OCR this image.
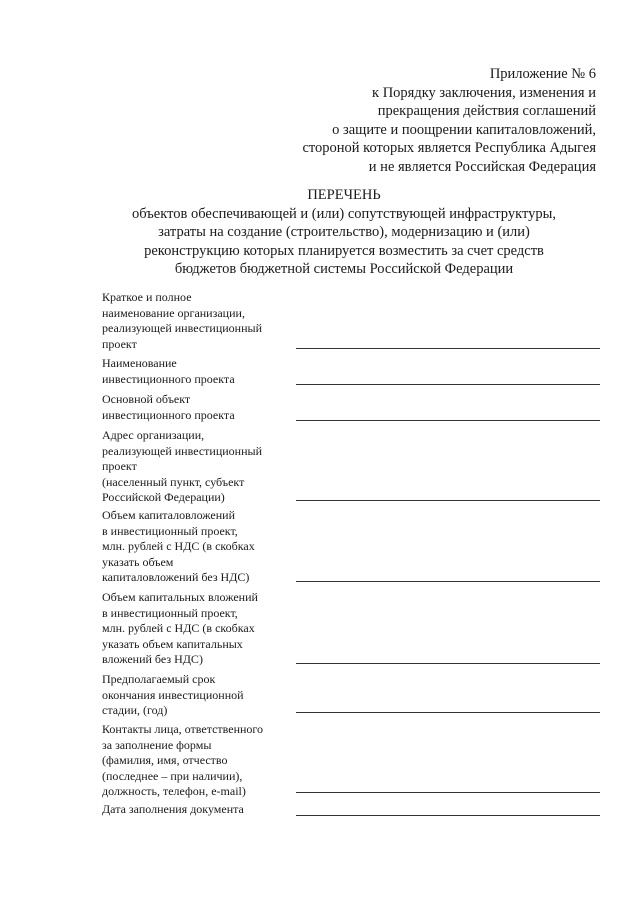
Приложение № 6
к Порядку заключения, изменения и
прекращения действия соглашений
о защите и поощрении капиталовложений,
стороной которых является Республика Адыгея
и не является Российская Федерация
ПЕРЕЧЕНЬ
объектов обеспечивающей и (или) сопутствующей инфраструктуры,
затраты на создание (строительство), модернизацию и (или)
реконструкцию которых планируется возместить за счет средств
бюджетов бюджетной системы Российской Федерации
Краткое и полное
наименование организации,
реализующей инвестиционный
проект
Наименование
инвестиционного проекта
Основной объект
инвестиционного проекта
Адрес организации,
реализующей инвестиционный
проект
(населенный пункт, субъект
Российской Федерации)
Объем капиталовложений
в инвестиционный проект,
млн. рублей с НДС (в скобках
указать объем
капиталовложений без НДС)
Объем капитальных вложений
в инвестиционный проект,
млн. рублей с НДС (в скобках
указать объем капитальных
вложений без НДС)
Предполагаемый срок
окончания инвестиционной
стадии, (год)
Контакты лица, ответственного
за заполнение формы
(фамилия, имя, отчество
(последнее – при наличии),
должность, телефон, e-mail)
Дата заполнения документа
